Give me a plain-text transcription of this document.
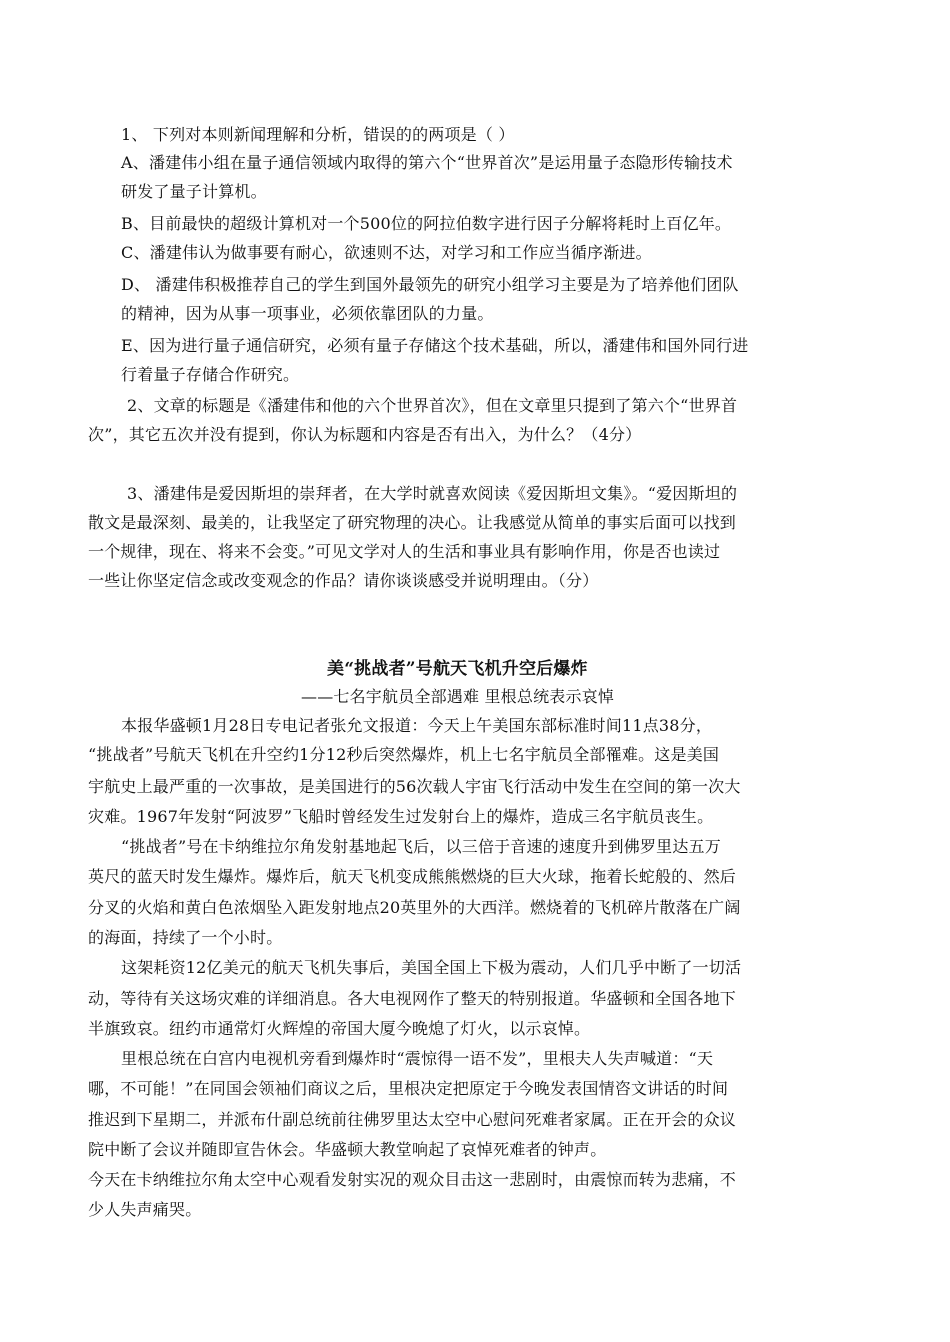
1、 下列对本则新闻理解和分析，错误的的两项是（ ）
A、潘建伟小组在量子通信领域内取得的第六个“世界首次”是运用量子态隐形传输技术
研发了量子计算机。
B、目前最快的超级计算机对一个500位的阿拉伯数字进行因子分解将耗时上百亿年。
C、潘建伟认为做事要有耐心，欲速则不达，对学习和工作应当循序渐进。
D、 潘建伟积极推荐自己的学生到国外最领先的研究小组学习主要是为了培养他们团队
的精神，因为从事一项事业，必须依靠团队的力量。
E、因为进行量子通信研究，必须有量子存储这个技术基础，所以，潘建伟和国外同行进
行着量子存储合作研究。
2、文章的标题是《潘建伟和他的六个世界首次》，但在文章里只提到了第六个“世界首
次”，其它五次并没有提到，你认为标题和内容是否有出入，为什么？（4分）
3、潘建伟是爱因斯坦的崇拜者，在大学时就喜欢阅读《爱因斯坦文集》。“爱因斯坦的
散文是最深刻、最美的，让我坚定了研究物理的决心。让我感觉从简单的事实后面可以找到
一个规律，现在、将来不会变。”可见文学对人的生活和事业具有影响作用，你是否也读过
一些让你坚定信念或改变观念的作品？请你谈谈感受并说明理由。（分）
美“挑战者”号航天飞机升空后爆炸
——七名宇航员全部遇难 里根总统表示哀悼
本报华盛顿1月28日专电记者张允文报道：今天上午美国东部标准时间11点38分，
“挑战者”号航天飞机在升空约1分12秒后突然爆炸，机上七名宇航员全部罹难。这是美国
宇航史上最严重的一次事故，是美国进行的56次载人宇宙飞行活动中发生在空间的第一次大
灾难。1967年发射“阿波罗”飞船时曾经发生过发射台上的爆炸，造成三名宇航员丧生。
“挑战者”号在卡纳维拉尔角发射基地起飞后，以三倍于音速的速度升到佛罗里达五万
英尺的蓝天时发生爆炸。爆炸后，航天飞机变成熊熊燃烧的巨大火球，拖着长蛇般的、然后
分叉的火焰和黄白色浓烟坠入距发射地点20英里外的大西洋。燃烧着的飞机碎片散落在广阔
的海面，持续了一个小时。
这架耗资12亿美元的航天飞机失事后，美国全国上下极为震动，人们几乎中断了一切活
动，等待有关这场灾难的详细消息。各大电视网作了整天的特别报道。华盛顿和全国各地下
半旗致哀。纽约市通常灯火辉煌的帝国大厦今晚熄了灯火，以示哀悼。
里根总统在白宫内电视机旁看到爆炸时“震惊得一语不发”，里根夫人失声喊道：“天
哪，不可能！”在同国会领袖们商议之后，里根决定把原定于今晚发表国情咨文讲话的时间
推迟到下星期二，并派布什副总统前往佛罗里达太空中心慰问死难者家属。正在开会的众议
院中断了会议并随即宣告休会。华盛顿大教堂响起了哀悼死难者的钟声。
今天在卡纳维拉尔角太空中心观看发射实况的观众目击这一悲剧时，由震惊而转为悲痛，不
少人失声痛哭。
